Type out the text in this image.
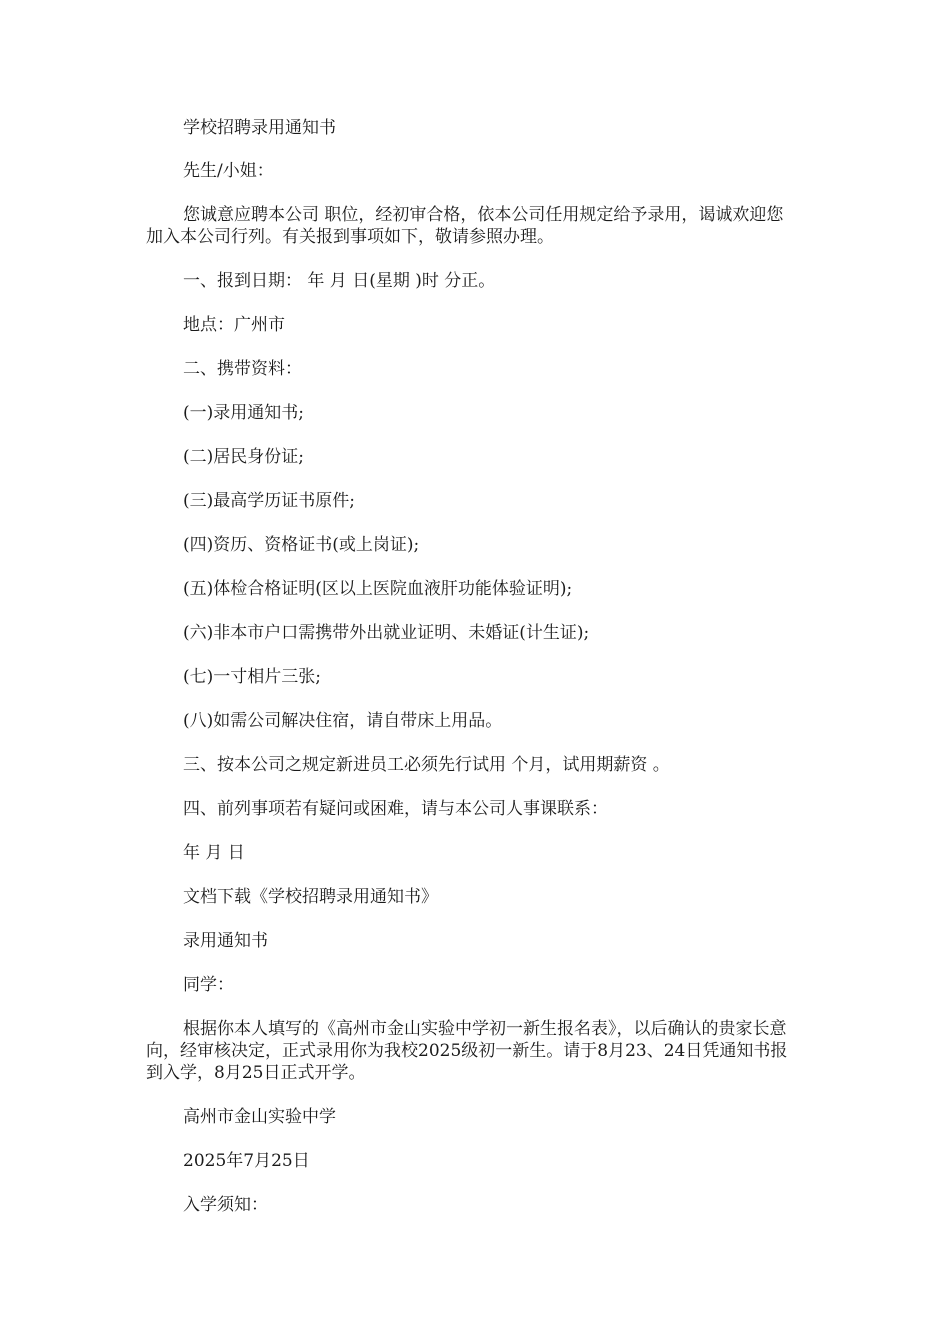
学校招聘录用通知书

先生/小姐：

您诚意应聘本公司 职位，经初审合格，依本公司任用规定给予录用，谒诚欢迎您加入本公司行列。有关报到事项如下，敬请参照办理。

一、报到日期： 年 月 日(星期 )时 分正。

地点：广州市

二、携带资料：

(一)录用通知书;

(二)居民身份证;

(三)最高学历证书原件;

(四)资历、资格证书(或上岗证);

(五)体检合格证明(区以上医院血液肝功能体验证明);

(六)非本市户口需携带外出就业证明、未婚证(计生证);

(七)一寸相片三张;

(八)如需公司解决住宿，请自带床上用品。

三、按本公司之规定新进员工必须先行试用 个月，试用期薪资 。

四、前列事项若有疑问或困难，请与本公司人事课联系：

年 月 日

文档下载《学校招聘录用通知书》

录用通知书

同学：

根据你本人填写的《高州市金山实验中学初一新生报名表》，以后确认的贵家长意向，经审核决定，正式录用你为我校2025级初一新生。请于8月23、24日凭通知书报到入学，8月25日正式开学。

高州市金山实验中学

2025年7月25日

入学须知：
